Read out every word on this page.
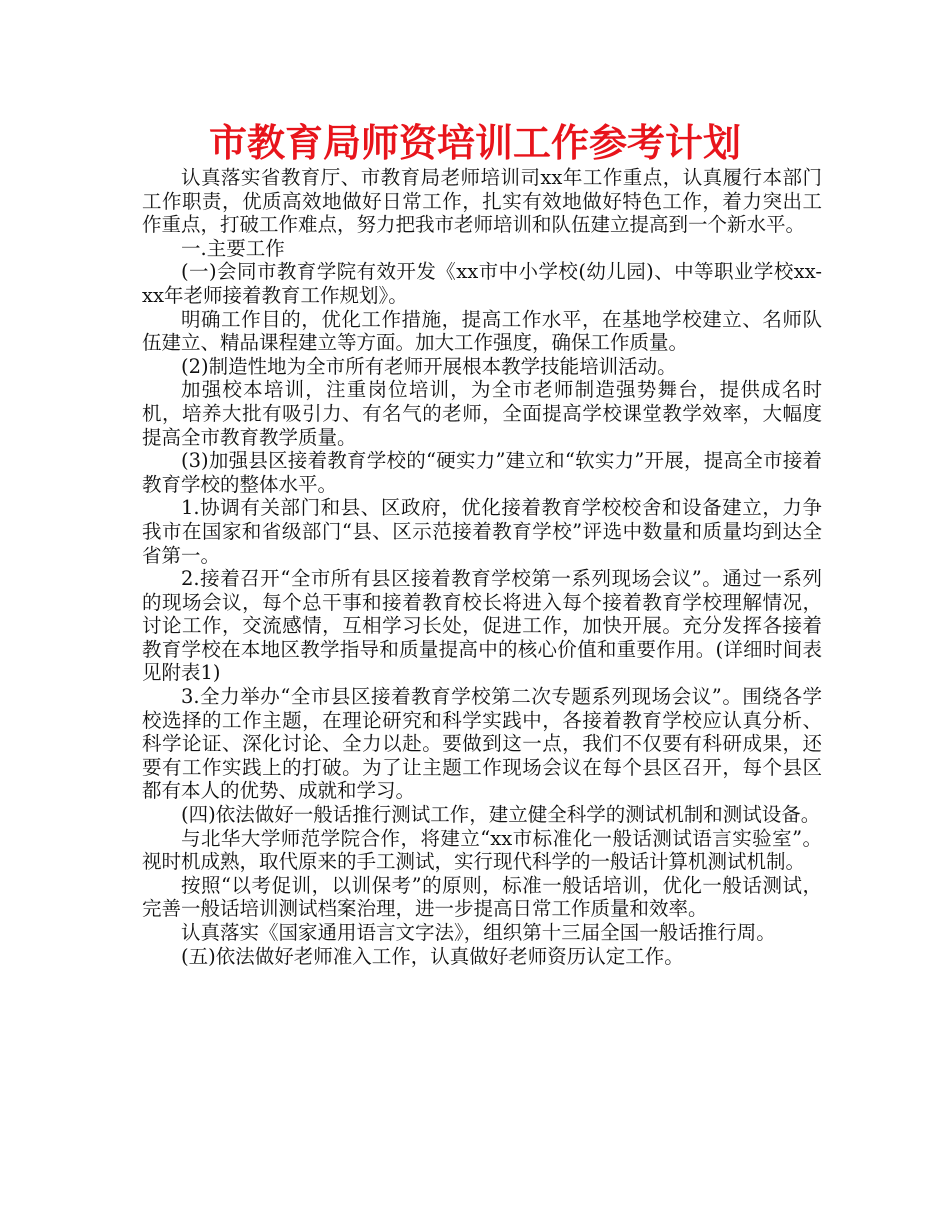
市教育局师资培训工作参考计划

认真落实省教育厅、市教育局老师培训司xx年工作重点，认真履行本部门工作职责，优质高效地做好日常工作，扎实有效地做好特色工作，着力突出工作重点，打破工作难点，努力把我市老师培训和队伍建立提高到一个新水平。

一.主要工作

(一)会同市教育学院有效开发《xx市中小学校(幼儿园)、中等职业学校xx-xx年老师接着教育工作规划》。

明确工作目的，优化工作措施，提高工作水平，在基地学校建立、名师队伍建立、精品课程建立等方面。加大工作强度，确保工作质量。

(2)制造性地为全市所有老师开展根本教学技能培训活动。

加强校本培训，注重岗位培训，为全市老师制造强势舞台，提供成名时机，培养大批有吸引力、有名气的老师，全面提高学校课堂教学效率，大幅度提高全市教育教学质量。

(3)加强县区接着教育学校的“硬实力”建立和“软实力”开展，提高全市接着教育学校的整体水平。

1.协调有关部门和县、区政府，优化接着教育学校校舍和设备建立，力争我市在国家和省级部门“县、区示范接着教育学校”评选中数量和质量均到达全省第一。

2.接着召开“全市所有县区接着教育学校第一系列现场会议”。通过一系列的现场会议，每个总干事和接着教育校长将进入每个接着教育学校理解情况，讨论工作，交流感情，互相学习长处，促进工作，加快开展。充分发挥各接着教育学校在本地区教学指导和质量提高中的核心价值和重要作用。(详细时间表见附表1)

3.全力举办“全市县区接着教育学校第二次专题系列现场会议”。围绕各学校选择的工作主题，在理论研究和科学实践中，各接着教育学校应认真分析、科学论证、深化讨论、全力以赴。要做到这一点，我们不仅要有科研成果，还要有工作实践上的打破。为了让主题工作现场会议在每个县区召开，每个县区都有本人的优势、成就和学习。

(四)依法做好一般话推行测试工作，建立健全科学的测试机制和测试设备。

与北华大学师范学院合作，将建立“xx市标准化一般话测试语言实验室”。视时机成熟，取代原来的手工测试，实行现代科学的一般话计算机测试机制。

按照“以考促训，以训保考”的原则，标准一般话培训，优化一般话测试，完善一般话培训测试档案治理，进一步提高日常工作质量和效率。

认真落实《国家通用语言文字法》，组织第十三届全国一般话推行周。

(五)依法做好老师准入工作，认真做好老师资历认定工作。
